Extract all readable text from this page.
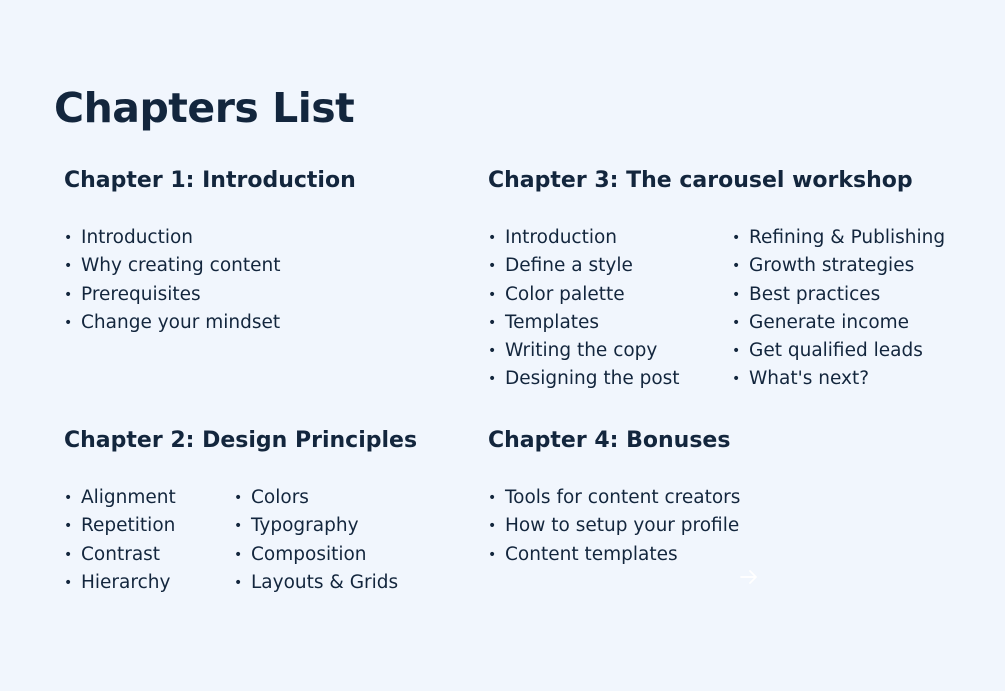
Chapters List
Chapter 1: Introduction
• Introduction
• Why creating content
• Prerequisites
• Change your mindset
Chapter 2: Design Principles
• Alignment
• Repetition
• Contrast
• Hierarchy
• Colors
• Typography
• Composition
• Layouts & Grids
Chapter 3: The carousel workshop
• Introduction
• Define a style
• Color palette
• Templates
• Writing the copy
• Designing the post
• Refining & Publishing
• Growth strategies
• Best practices
• Generate income
• Get qualified leads
• What's next?
Chapter 4: Bonuses
• Tools for content creators
• How to setup your profile
• Content templates
